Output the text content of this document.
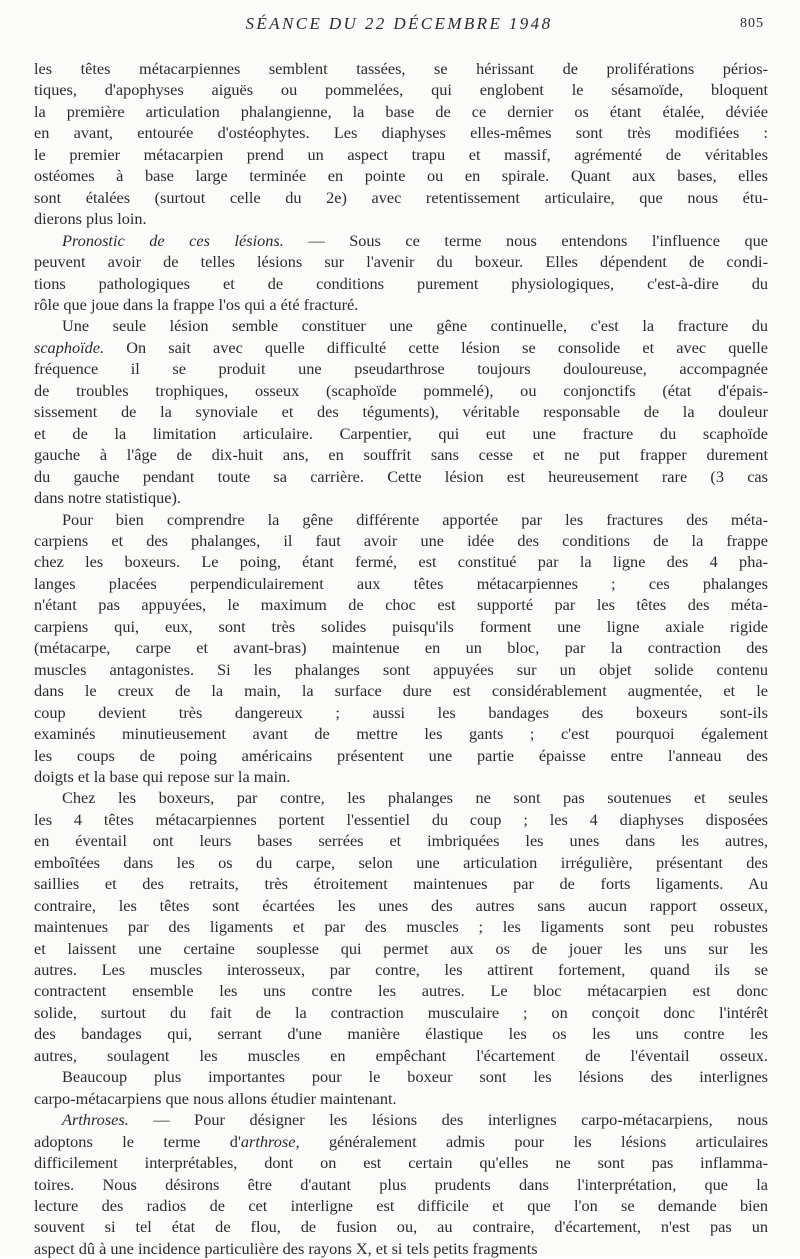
SÉANCE DU 22 DÉCEMBRE 1948	805
les têtes métacarpiennes semblent tassées, se hérissant de proliférations périos-
tiques, d'apophyses aiguës ou pommelées, qui englobent le sésamoïde, bloquent
la première articulation phalangienne, la base de ce dernier os étant étalée, déviée
en avant, entourée d'ostéophytes. Les diaphyses elles-mêmes sont très modifiées :
le premier métacarpien prend un aspect trapu et massif, agrémenté de véritables
ostéomes à base large terminée en pointe ou en spirale. Quant aux bases, elles
sont étalées (surtout celle du 2e) avec retentissement articulaire, que nous étu-
dierons plus loin.
Pronostic de ces lésions. — Sous ce terme nous entendons l'influence que
peuvent avoir de telles lésions sur l'avenir du boxeur. Elles dépendent de condi-
tions pathologiques et de conditions purement physiologiques, c'est-à-dire du
rôle que joue dans la frappe l'os qui a été fracturé.
Une seule lésion semble constituer une gêne continuelle, c'est la fracture du
scaphoïde. On sait avec quelle difficulté cette lésion se consolide et avec quelle
fréquence il se produit une pseudarthrose toujours douloureuse, accompagnée
de troubles trophiques, osseux (scaphoïde pommelé), ou conjonctifs (état d'épais-
sissement de la synoviale et des téguments), véritable responsable de la douleur
et de la limitation articulaire. Carpentier, qui eut une fracture du scaphoïde
gauche à l'âge de dix-huit ans, en souffrit sans cesse et ne put frapper durement
du gauche pendant toute sa carrière. Cette lésion est heureusement rare (3 cas
dans notre statistique).
Pour bien comprendre la gêne différente apportée par les fractures des méta-
carpiens et des phalanges, il faut avoir une idée des conditions de la frappe
chez les boxeurs. Le poing, étant fermé, est constitué par la ligne des 4 pha-
langes placées perpendiculairement aux têtes métacarpiennes ; ces phalanges
n'étant pas appuyées, le maximum de choc est supporté par les têtes des méta-
carpiens qui, eux, sont très solides puisqu'ils forment une ligne axiale rigide
(métacarpe, carpe et avant-bras) maintenue en un bloc, par la contraction des
muscles antagonistes. Si les phalanges sont appuyées sur un objet solide contenu
dans le creux de la main, la surface dure est considérablement augmentée, et le
coup devient très dangereux ; aussi les bandages des boxeurs sont-ils
examinés minutieusement avant de mettre les gants ; c'est pourquoi également
les coups de poing américains présentent une partie épaisse entre l'anneau des
doigts et la base qui repose sur la main.
Chez les boxeurs, par contre, les phalanges ne sont pas soutenues et seules
les 4 têtes métacarpiennes portent l'essentiel du coup ; les 4 diaphyses disposées
en éventail ont leurs bases serrées et imbriquées les unes dans les autres,
emboîtées dans les os du carpe, selon une articulation irrégulière, présentant des
saillies et des retraits, très étroitement maintenues par de forts ligaments. Au
contraire, les têtes sont écartées les unes des autres sans aucun rapport osseux,
maintenues par des ligaments et par des muscles ; les ligaments sont peu robustes
et laissent une certaine souplesse qui permet aux os de jouer les uns sur les
autres. Les muscles interosseux, par contre, les attirent fortement, quand ils se
contractent ensemble les uns contre les autres. Le bloc métacarpien est donc
solide, surtout du fait de la contraction musculaire ; on conçoit donc l'intérêt
des bandages qui, serrant d'une manière élastique les os les uns contre les
autres, soulagent les muscles en empêchant l'écartement de l'éventail osseux.
Beaucoup plus importantes pour le boxeur sont les lésions des interlignes
carpo-métacarpiens que nous allons étudier maintenant.
Arthroses. — Pour désigner les lésions des interlignes carpo-métacarpiens, nous
adoptons le terme d'arthrose, généralement admis pour les lésions articulaires
difficilement interprétables, dont on est certain qu'elles ne sont pas inflamma-
toires. Nous désirons être d'autant plus prudents dans l'interprétation, que la
lecture des radios de cet interligne est difficile et que l'on se demande bien
souvent si tel état de flou, de fusion ou, au contraire, d'écartement, n'est pas un
aspect dû à une incidence particulière des rayons X, et si tels petits fragments
